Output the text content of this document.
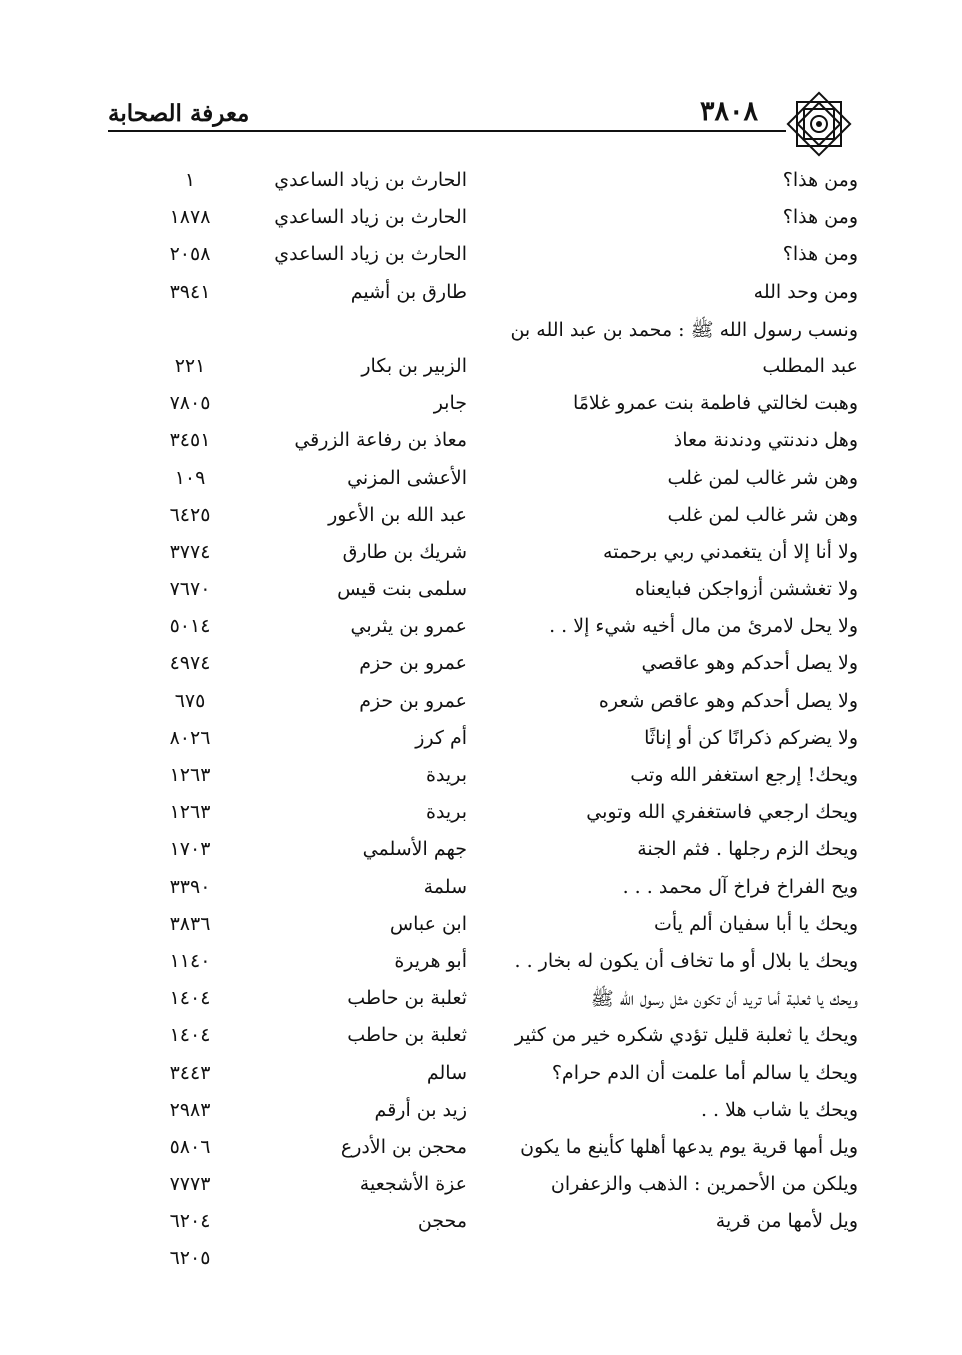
معرفة الصحابة	٣٨٠٨
ومن هذا؟
الحارث بن زياد الساعدي
١
ومن هذا؟
الحارث بن زياد الساعدي
١٨٧٨
ومن هذا؟
الحارث بن زياد الساعدي
٢٠٥٨
ومن وحد الله
طارق بن أشيم
٣٩٤١
ونسب رسول الله ﷺ : محمد بن عبد الله بن
عبد المطلب
الزبير بن بكار
٢٢١
وهبت لخالتي فاطمة بنت عمرو غلامًا
جابر
٧٨٠٥
وهل دندنتي ودندنة معاذ
معاذ بن رفاعة الزرقي
٣٤٥١
وهن شر غالب لمن غلب
الأعشى المزني
١٠٩
وهن شر غالب لمن غلب
عبد الله بن الأعور
٦٤٢٥
ولا أنا إلا أن يتغمدني ربي برحمته
شريك بن طارق
٣٧٧٤
ولا تغششن أزواجكن فبايعناه
سلمى بنت قيس
٧٦٧٠
ولا يحل لامرئ من مال أخيه شيء إلا . .
عمرو بن يثربي
٥٠١٤
ولا يصل أحدكم وهو عاقصي
عمرو بن حزم
٤٩٧٤
ولا يصل أحدكم وهو عاقص شعره
عمرو بن حزم
٦٧٥
ولا يضركم ذكرانًا كن أو إناثًا
أم كرز
٨٠٢٦
ويحك! إرجع استغفر الله وتب
بريدة
١٢٦٣
ويحك ارجعي فاستغفري الله وتوبي
بريدة
١٢٦٣
ويحك الزم رجلها . فثم الجنة
جهم الأسلمي
١٧٠٣
ويح الفراخ فراخ آل محمد . . .
سلمة
٣٣٩٠
ويحك يا أبا سفيان ألم يأت
ابن عباس
٣٨٣٦
ويحك يا بلال أو ما تخاف أن يكون له بخار . .
أبو هريرة
١١٤٠
ويحك يا ثعلبة أما تريد أن تكون مثل رسول الله ﷺ
ثعلبة بن حاطب
١٤٠٤
ويحك يا ثعلبة قليل تؤدي شكره خير من كثير
ثعلبة بن حاطب
١٤٠٤
ويحك يا سالم أما علمت أن الدم حرام؟
سالم
٣٤٤٣
ويحك يا شاب هلا . .
زيد بن أرقم
٢٩٨٣
ويل أمها قرية يوم يدعها أهلها كأينع ما يكون
محجن بن الأدرع
٥٨٠٦
ويلكن من الأحمرين : الذهب والزعفران
عزة الأشجعية
٧٧٧٣
ويل لأمها من قرية
محجن
٦٢٠٤
٦٢٠٥
